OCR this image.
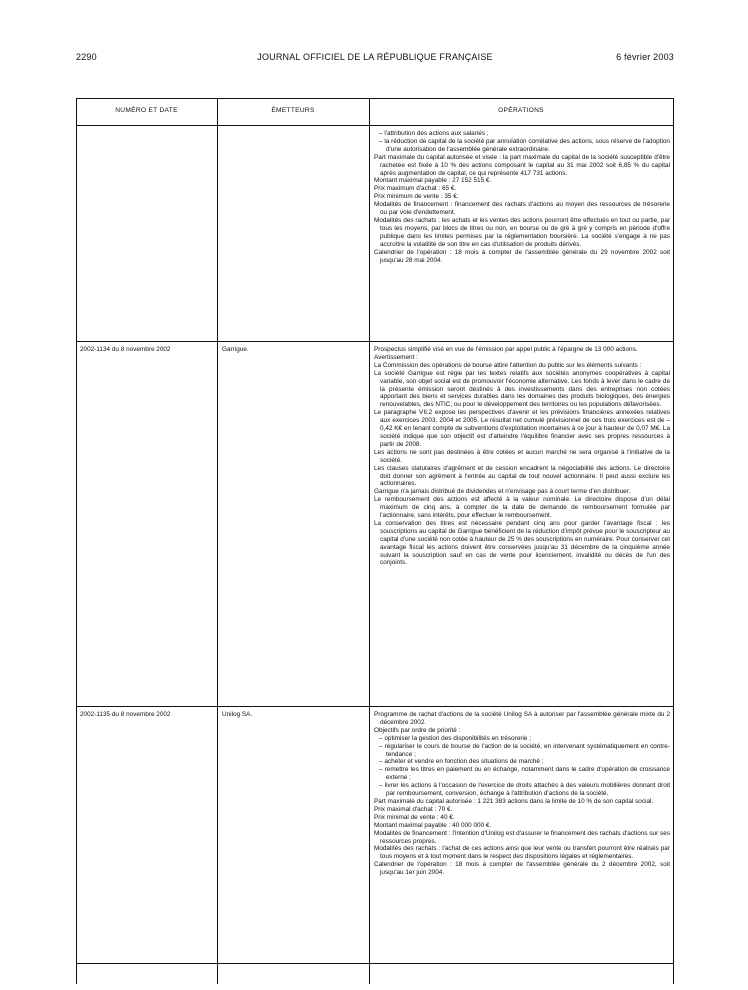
2290	JOURNAL OFFICIEL DE LA RÉPUBLIQUE FRANÇAISE	6 février 2003
NUMÉRO ET DATE	ÉMETTEURS	OPÉRATIONS

– l'attribution des actions aux salariés ;

– la réduction de capital de la société par annulation corrélative des actions, sous réserve de l'adoption d'une autorisation de l'assemblée générale extraordinaire.

Part maximale du capital autorisée et visée : la part maximale du capital de la société susceptible d'être rachetée est fixée à 10 % des actions composant le capital au 31 mai 2002 soit 6,85 % du capital après augmentation de capital, ce qui représente 417 731 actions.

Montant maximal payable : 27 152 515 €.

Prix maximum d'achat : 65 €.

Prix minimum de vente : 35 €.

Modalités de financement : financement des rachats d'actions au moyen des ressources de trésorerie ou par voie d'endettement.

Modalités des rachats : les achats et les ventes des actions pourront être effectués en tout ou partie, par tous les moyens, par blocs de titres ou non, en bourse ou de gré à gré y compris en période d'offre publique dans les limites permises par la réglementation boursière. La société s'engage à ne pas accroître la volatilité de son titre en cas d'utilisation de produits dérivés.

Calendrier de l'opération : 18 mois à compter de l'assemblée générale du 29 novembre 2002 soit jusqu'au 28 mai 2004.

2002-1134 du 8 novembre 2002	Garrigue.	Prospectus simplifié visé en vue de l'émission par appel public à l'épargne de 13 000 actions.

Avertissement :

La Commission des opérations de bourse attire l'attention du public sur les éléments suivants :

La société Garrigue est régie par les textes relatifs aux sociétés anonymes coopératives à capital variable, son objet social est de promouvoir l'économie alternative. Les fonds à lever dans le cadre de la présente émission seront destinés à des investissements dans des entreprises non cotées apportant des biens et services durables dans les domaines des produits biologiques, des énergies renouvelables, des NTIC, ou pour le développement des territoires ou les populations défavorisées.

Le paragraphe VII.2 expose les perspectives d'avenir et les prévisions financières annexées relatives aux exercices 2003, 2004 et 2005. Le résultat net cumulé prévisionnel de ces trois exercices est de – 0,42 K€ en tenant compte de subventions d'exploitation incertaines à ce jour à hauteur de 0,07 M€. La société indique que son objectif est d'atteindre l'équilibre financier avec ses propres ressources à partir de 2008.

Les actions ne sont pas destinées à être cotées et aucun marché ne sera organisé à l'initiative de la société.

Les clauses statutaires d'agrément et de cession encadrent la négociabilité des actions. Le directoire doit donner son agrément à l'entrée au capital de tout nouvel actionnaire. Il peut aussi exclure les actionnaires.

Garrigue n'a jamais distribué de dividendes et n'envisage pas à court terme d'en distribuer.

Le remboursement des actions est affecté à la valeur nominale. Le directoire dispose d'un délai maximum de cinq ans, à compter de la date de demande de remboursement formulée par l'actionnaire, sans intérêts, pour effectuer le remboursement.

La conservation des titres est nécessaire pendant cinq ans pour garder l'avantage fiscal : les souscriptions au capital de Garrigue bénéficient de la réduction d'impôt prévue pour le souscripteur au capital d'une société non cotée à hauteur de 25 % des souscriptions en numéraire. Pour conserver cet avantage fiscal les actions doivent être conservées jusqu'au 31 décembre de la cinquième année suivant la souscription sauf en cas de vente pour licenciement, invalidité ou décès de l'un des conjoints.

2002-1135 du 8 novembre 2002	Unilog SA.	Programme de rachat d'actions de la société Unilog SA à autoriser par l'assemblée générale mixte du 2 décembre 2002.

Objectifs par ordre de priorité :

– optimiser la gestion des disponibilités en trésorerie ;

– régulariser le cours de bourse de l'action de la société, en intervenant systématiquement en contre-tendance ;

– acheter et vendre en fonction des situations de marché ;

– remettre les titres en paiement ou en échange, notamment dans le cadre d'opération de croissance externe ;

– livrer les actions à l'occasion de l'exercice de droits attachés à des valeurs mobilières donnant droit par remboursement, conversion, échange à l'attribution d'actions de la société.

Part maximale du capital autorisée : 1 221 383 actions dans la limite de 10 % de son capital social.

Prix maximal d'achat : 70 €.

Prix minimal de vente : 40 €.

Montant maximal payable : 40 000 000 €.

Modalités de financement : l'intention d'Unilog est d'assurer le financement des rachats d'actions sur ses ressources propres.

Modalités des rachats : l'achat de ces actions ainsi que leur vente ou transfert pourront être réalisés par tous moyens et à tout moment dans le respect des dispositions légales et réglementaires.

Calendrier de l'opération : 18 mois à compter de l'assemblée générale du 2 décembre 2002, soit jusqu'au 1er juin 2004.
